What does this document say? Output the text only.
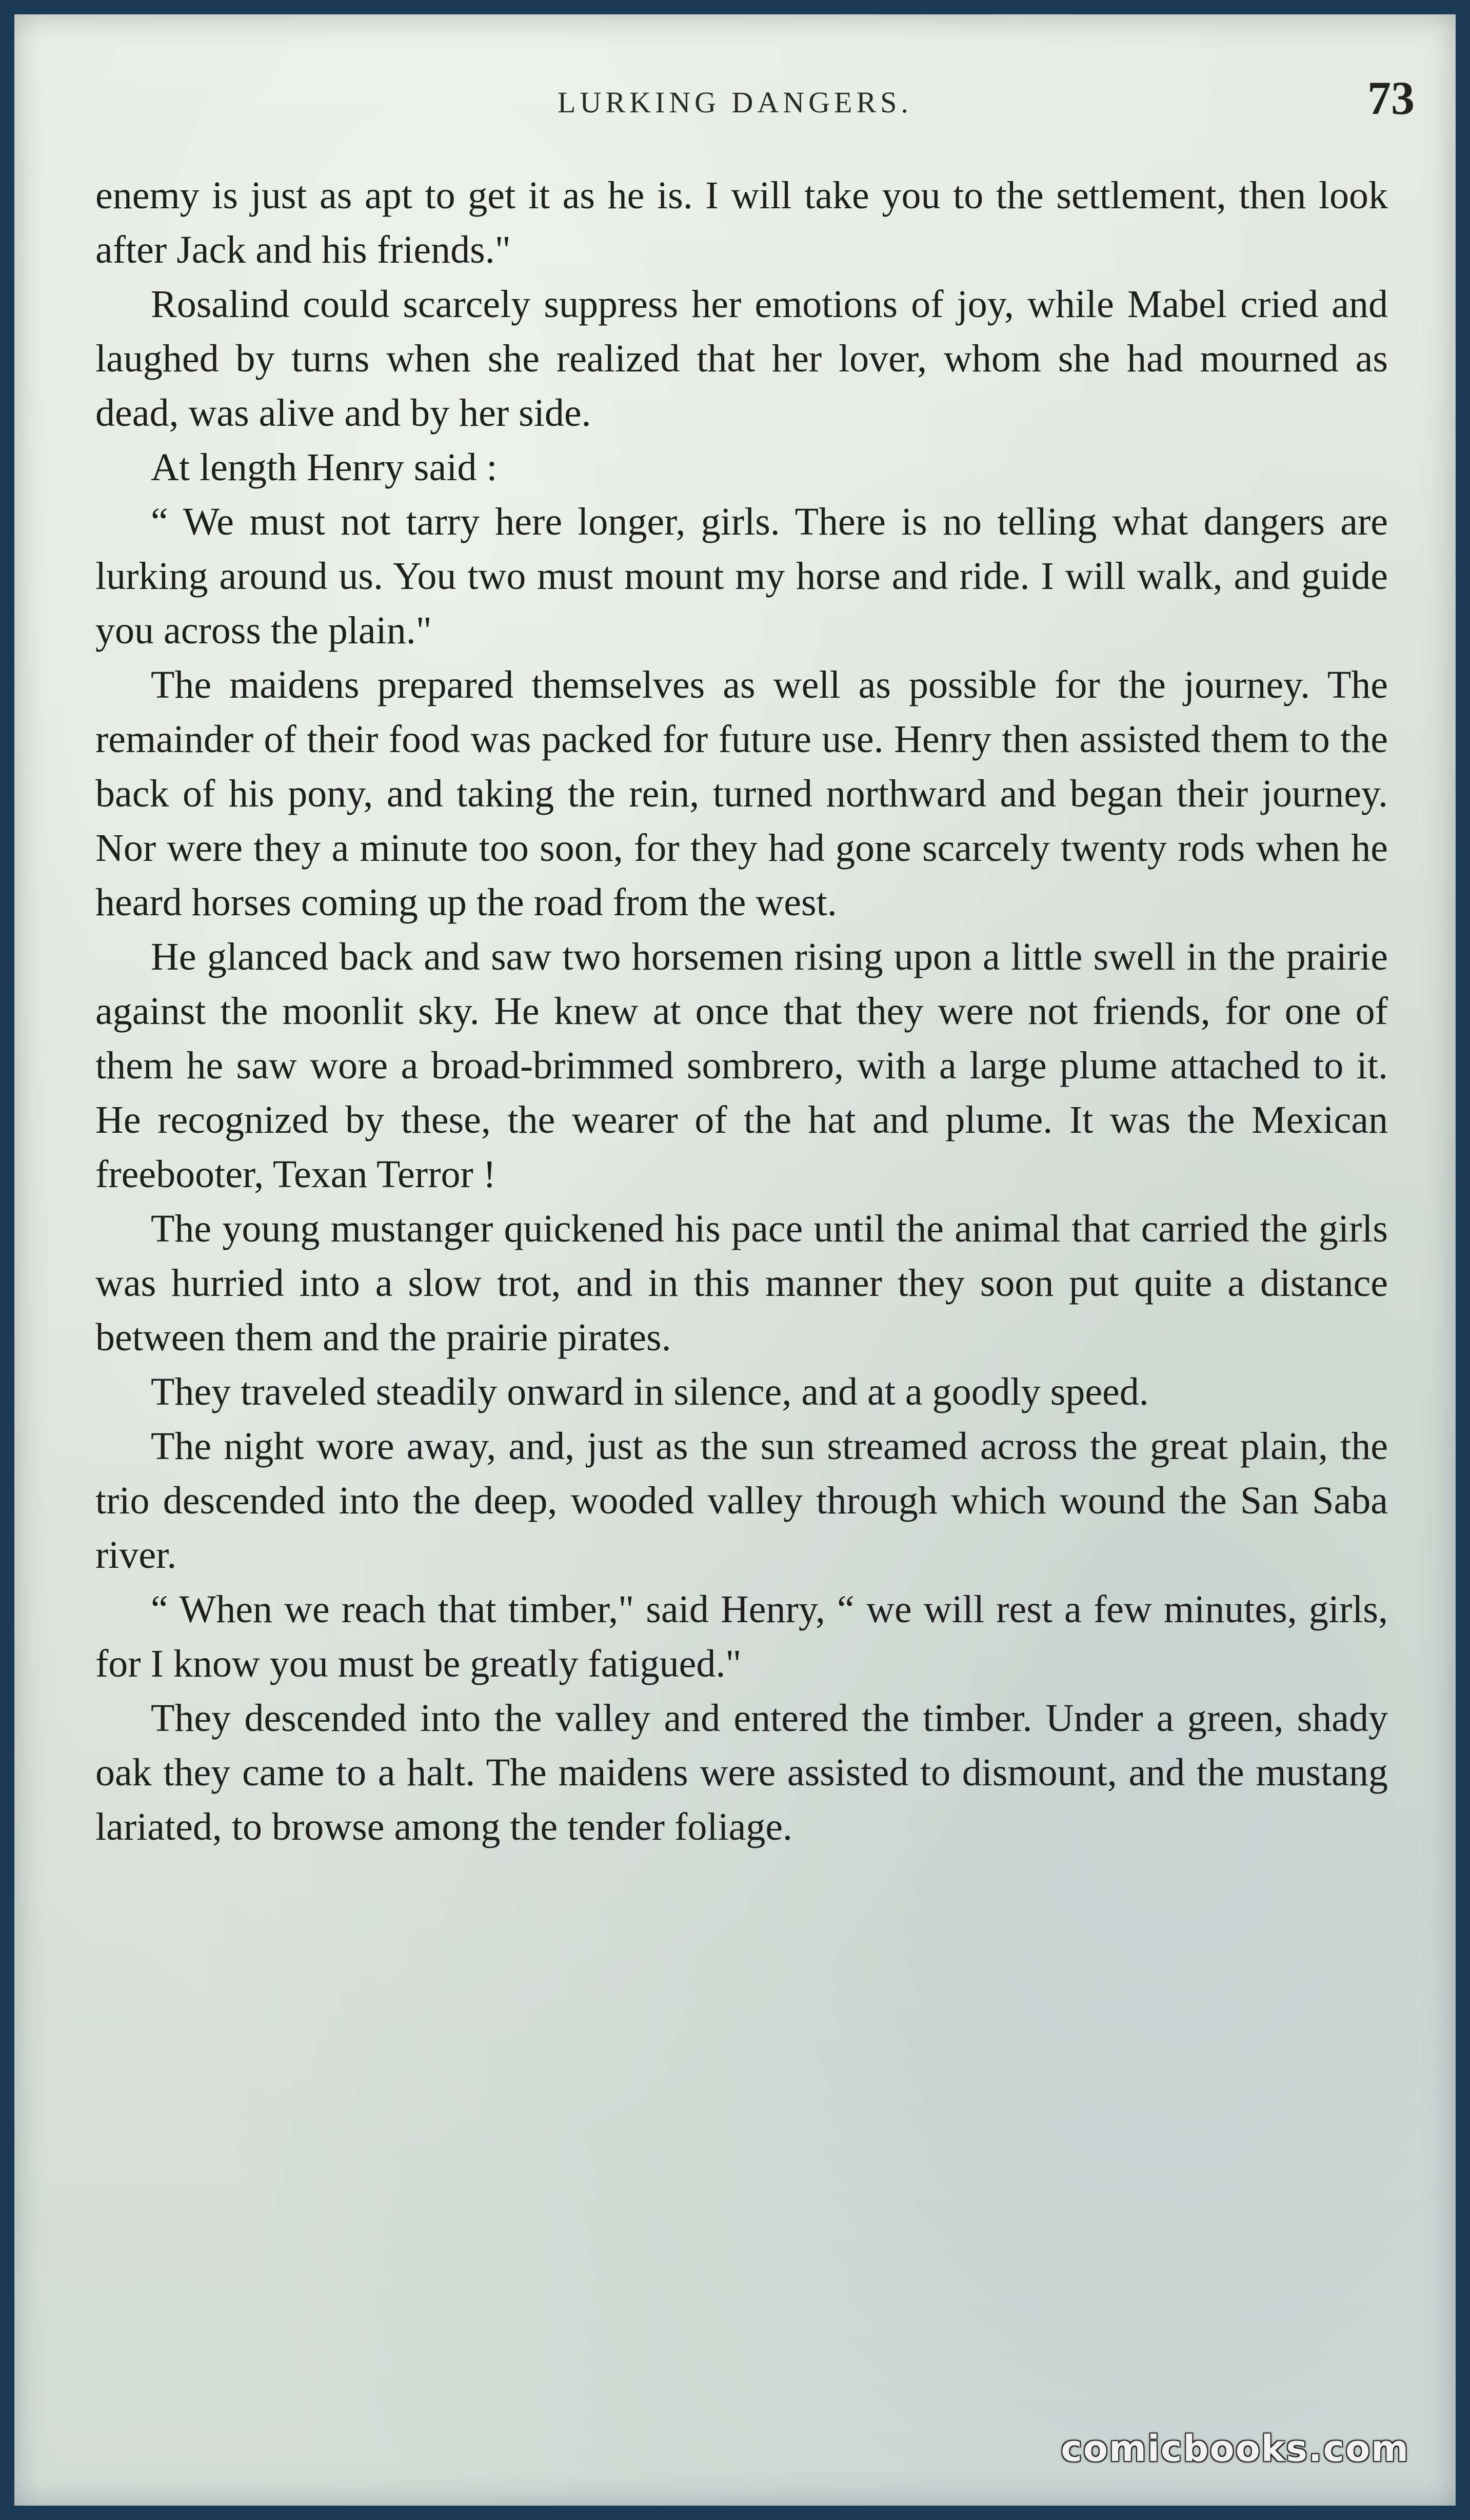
LURKING DANGERS.	73

enemy is just as apt to get it as he is. I will take you to the settlement, then look after Jack and his friends."

Rosalind could scarcely suppress her emotions of joy, while Mabel cried and laughed by turns when she realized that her lover, whom she had mourned as dead, was alive and by her side.

At length Henry said :

“ We must not tarry here longer, girls. There is no telling what dangers are lurking around us. You two must mount my horse and ride. I will walk, and guide you across the plain."

The maidens prepared themselves as well as possible for the journey. The remainder of their food was packed for future use. Henry then assisted them to the back of his pony, and taking the rein, turned northward and began their journey. Nor were they a minute too soon, for they had gone scarcely twenty rods when he heard horses coming up the road from the west.

He glanced back and saw two horsemen rising upon a little swell in the prairie against the moonlit sky. He knew at once that they were not friends, for one of them he saw wore a broad-brimmed sombrero, with a large plume attached to it. He recognized by these, the wearer of the hat and plume. It was the Mexican freebooter, Texan Terror !

The young mustanger quickened his pace until the animal that carried the girls was hurried into a slow trot, and in this manner they soon put quite a distance between them and the prairie pirates.

They traveled steadily onward in silence, and at a goodly speed.

The night wore away, and, just as the sun streamed across the great plain, the trio descended into the deep, wooded valley through which wound the San Saba river.

“ When we reach that timber," said Henry, “ we will rest a few minutes, girls, for I know you must be greatly fatigued."

They descended into the valley and entered the timber. Under a green, shady oak they came to a halt. The maidens were assisted to dismount, and the mustang lariated, to browse among the tender foliage.

comicbooks.com
